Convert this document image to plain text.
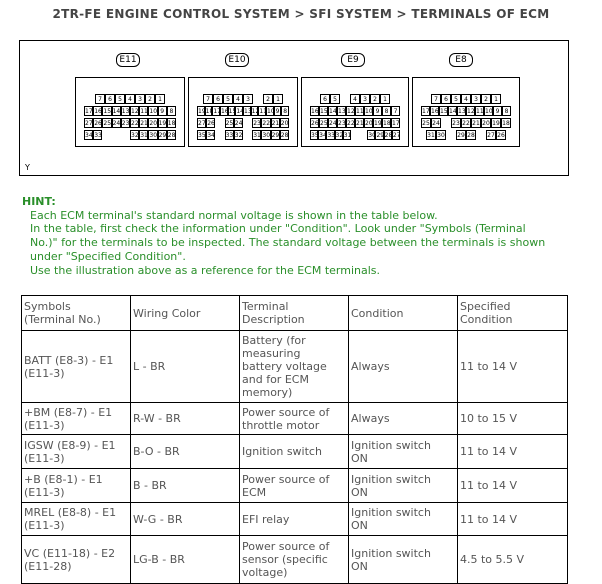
2TR-FE ENGINE CONTROL SYSTEM > SFI SYSTEM > TERMINALS OF ECM
E11
7	6	5	4	3	2	1
17 16 15 14 13 12 11 10 9 8
27 26 25 24 23 22 21 20 19 18
34 33	32 31 30 29 28
E10
7	6	5	4	3	2	1
19 18 17 16 15 14 13 12 11 10 9 8
27 26 25 24 23 22 21 20
35 34 33 32 31 30 29 28
E9
6	5	4	3	2	1
16 15 14 13 12 11 10 9 8 7
26 25 24 23 22 21 20 19 18 17
35 34 33 32 31	30 29 28 27
E8
7	6	5	4	3	2	1
17 16 15 14 13 12 11 10 9 8
25 24 23 22 21 20 19 18
31 30 29 28 27 26
Y
HINT:
Each ECM terminal's standard normal voltage is shown in the table below.
In the table, first check the information under "Condition". Look under "Symbols (Terminal
No.)" for the terminals to be inspected. The standard voltage between the terminals is shown
under "Specified Condition".
Use the illustration above as a reference for the ECM terminals.
Symbols
(Terminal No.)	Wiring Color	Terminal
Description	Condition	Specified
Condition
BATT (E8-3) - E1
(E11-3)	L - BR	Battery (for
measuring
battery voltage
and for ECM
memory)	Always	11 to 14 V
+BM (E8-7) - E1
(E11-3)	R-W - BR	Power source of
throttle motor	Always	10 to 15 V
IGSW (E8-9) - E1
(E11-3)	B-O - BR	Ignition switch	Ignition switch
ON	11 to 14 V
+B (E8-1) - E1
(E11-3)	B - BR	Power source of
ECM	Ignition switch
ON	11 to 14 V
MREL (E8-8) - E1
(E11-3)	W-G - BR	EFI relay	Ignition switch
ON	11 to 14 V
VC (E11-18) - E2
(E11-28)	LG-B - BR	Power source of
sensor (specific
voltage)	Ignition switch
ON	4.5 to 5.5 V
